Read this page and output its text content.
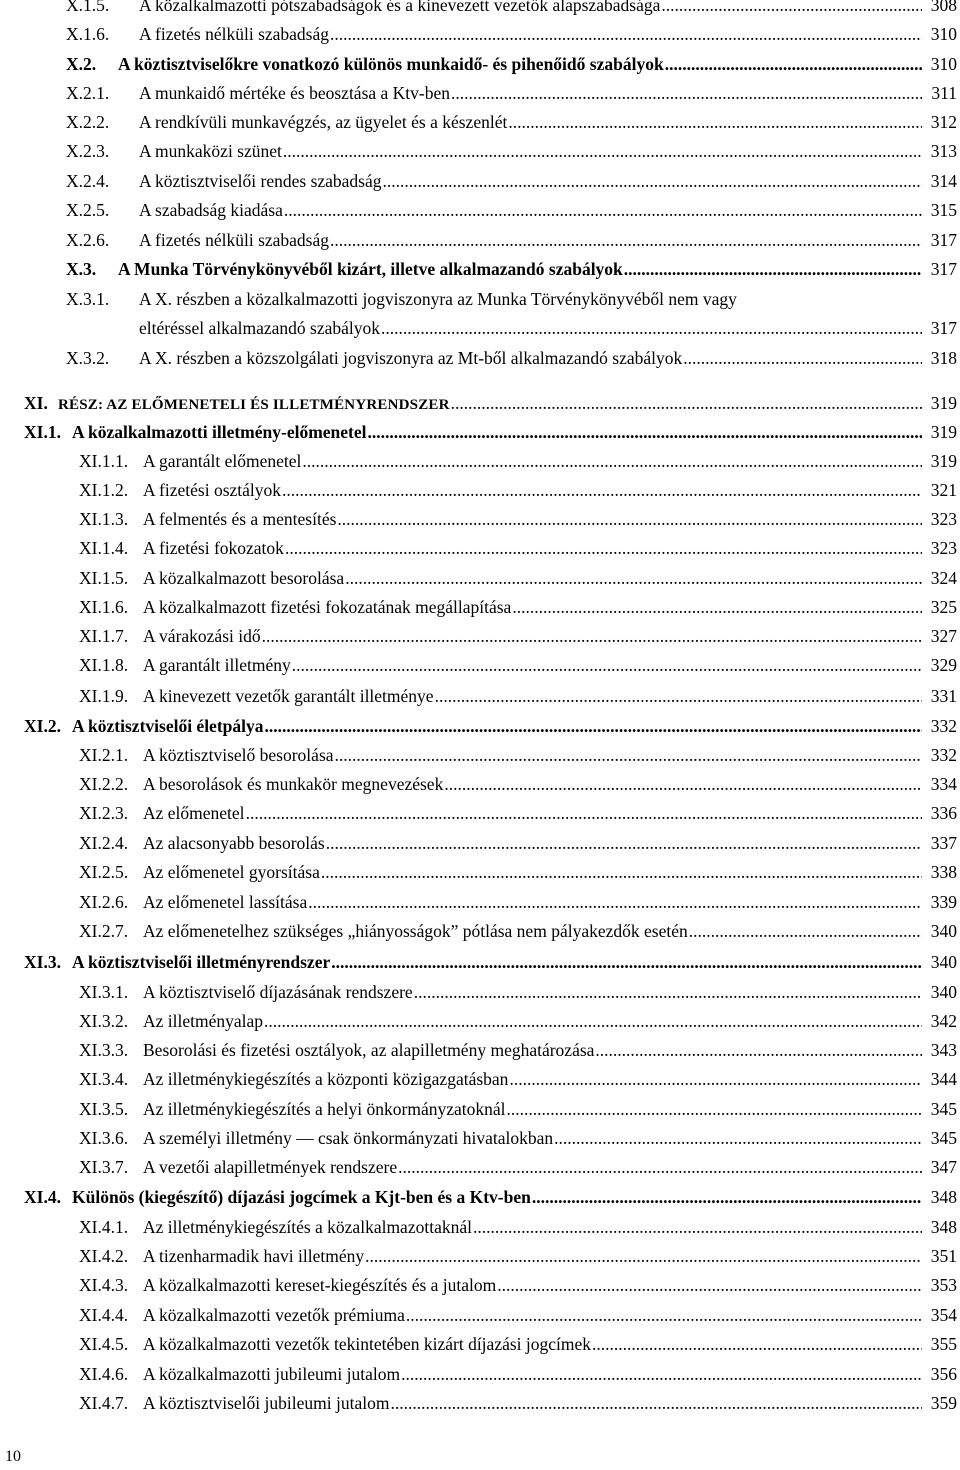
X.1.5.	A közalkalmazotti pótszabadságok és a kinevezett vezetők alapszabadsága .....	308
X.1.6.	A fizetés nélküli szabadság .....	310
X.2.	A köztisztviselőkre vonatkozó különös munkaidő- és pihenőidő szabályok .....	310
X.2.1.	A munkaidő mértéke és beosztása a Ktv-ben .....	311
X.2.2.	A rendkívüli munkavégzés, az ügyelet és a készenlét .....	312
X.2.3.	A munkaközi szünet .....	313
X.2.4.	A köztisztviselői rendes szabadság .....	314
X.2.5.	A szabadság kiadása .....	315
X.2.6.	A fizetés nélküli szabadság .....	317
X.3.	A Munka Törvénykönyvéből kizárt, illetve alkalmazandó szabályok .....	317
X.3.1. A X. részben a közalkalmazotti jogviszonyra az Munka Törvénykönyvéből nem vagy
eltéréssel alkalmazandó szabályok .....	317
X.3.2.	A X. részben a közszolgálati jogviszonyra az Mt-ből alkalmazandó szabályok .....	318
XI. RÉSZ: AZ ELŐMENETELI ÉS ILLETMÉNYRENDSZER .....	319
XI.1. A közalkalmazotti illetmény-előmenetel .....	319
XI.1.1. A garantált előmenetel .....	319
XI.1.2. A fizetési osztályok .....	321
XI.1.3. A felmentés és a mentesítés .....	323
XI.1.4. A fizetési fokozatok .....	323
XI.1.5. A közalkalmazott besorolása .....	324
XI.1.6. A közalkalmazott fizetési fokozatának megállapítása .....	325
XI.1.7. A várakozási idő .....	327
XI.1.8. A garantált illetmény .....	329
XI.1.9. A kinevezett vezetők garantált illetménye .....	331
XI.2. A köztisztviselői életpálya .....	332
XI.2.1. A köztisztviselő besorolása .....	332
XI.2.2. A besorolások és munkakör megnevezések .....	334
XI.2.3. Az előmenetel .....	336
XI.2.4. Az alacsonyabb besorolás .....	337
XI.2.5. Az előmenetel gyorsítása .....	338
XI.2.6. Az előmenetel lassítása .....	339
XI.2.7. Az előmenetelhez szükséges „hiányosságok” pótlása nem pályakezdők esetén .....	340
XI.3. A köztisztviselői illetményrendszer .....	340
XI.3.1. A köztisztviselő díjazásának rendszere .....	340
XI.3.2. Az illetményalap .....	342
XI.3.3. Besorolási és fizetési osztályok, az alapilletmény meghatározása .....	343
XI.3.4. Az illetménykiegészítés a központi közigazgatásban .....	344
XI.3.5. Az illetménykiegészítés a helyi önkormányzatoknál .....	345
XI.3.6. A személyi illetmény — csak önkormányzati hivatalokban .....	345
XI.3.7. A vezetői alapilletmények rendszere .....	347
XI.4. Különös (kiegészítő) díjazási jogcímek a Kjt-ben és a Ktv-ben .....	348
XI.4.1. Az illetménykiegészítés a közalkalmazottaknál .....	348
XI.4.2. A tizenharmadik havi illetmény .....	351
XI.4.3. A közalkalmazotti kereset-kiegészítés és a jutalom .....	353
XI.4.4. A közalkalmazotti vezetők prémiuma .....	354
XI.4.5. A közalkalmazotti vezetők tekintetében kizárt díjazási jogcímek .....	355
XI.4.6. A közalkalmazotti jubileumi jutalom .....	356
XI.4.7. A köztisztviselői jubileumi jutalom .....	359
10
